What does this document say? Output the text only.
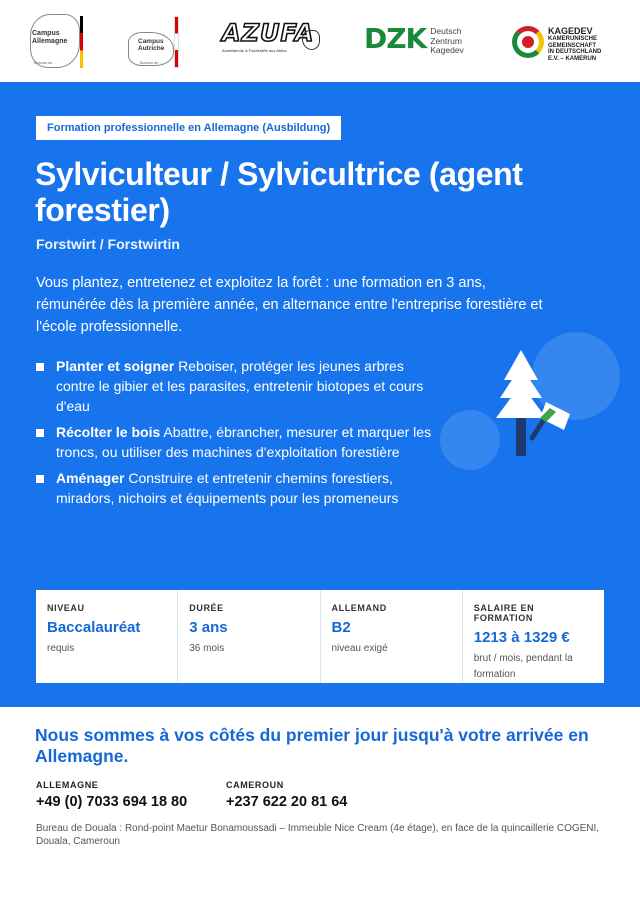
Campus
Allemagne
Bureau de ...
Campus
Autriche
Bureau de ...
AZUFA
Ausbildende & Fachkräfte aus Afrika	DZK Deutsch
Zentrum
Kagedev
KAGEDEV
KAMERUNISCHE
GEMEINSCHAFT
IN DEUTSCHLAND
E.V. – KAMERUN
Formation professionnelle en Allemagne (Ausbildung)
Sylviculteur / Sylvicultrice (agent forestier)
Forstwirt / Forstwirtin

Vous plantez, entretenez et exploitez la forêt : une formation en 3 ans, rémunérée dès la première année, en alternance entre l'entreprise forestière et l'école professionnelle.

Planter et soigner Reboiser, protéger les jeunes arbres contre le gibier et les parasites, entretenir biotopes et cours d'eau
Récolter le bois Abattre, ébrancher, mesurer et marquer les troncs, ou utiliser des machines d'exploitation forestière
Aménager Construire et entretenir chemins forestiers, miradors, nichoirs et équipements pour les promeneurs
NIVEAU
Baccalauréat
requis
DURÉE
3 ans
36 mois
ALLEMAND
B2
niveau exigé
SALAIRE EN FORMATION
1213 à 1329 €
brut / mois, pendant la formation
Nous sommes à vos côtés du premier jour jusqu'à votre arrivée en Allemagne.
ALLEMAGNE
+49 (0) 7033 694 18 80
CAMEROUN
+237 622 20 81 64

Bureau de Douala : Rond-point Maetur Bonamoussadi – Immeuble Nice Cream (4e étage), en face de la quincaillerie COGENI, Douala, Cameroun
